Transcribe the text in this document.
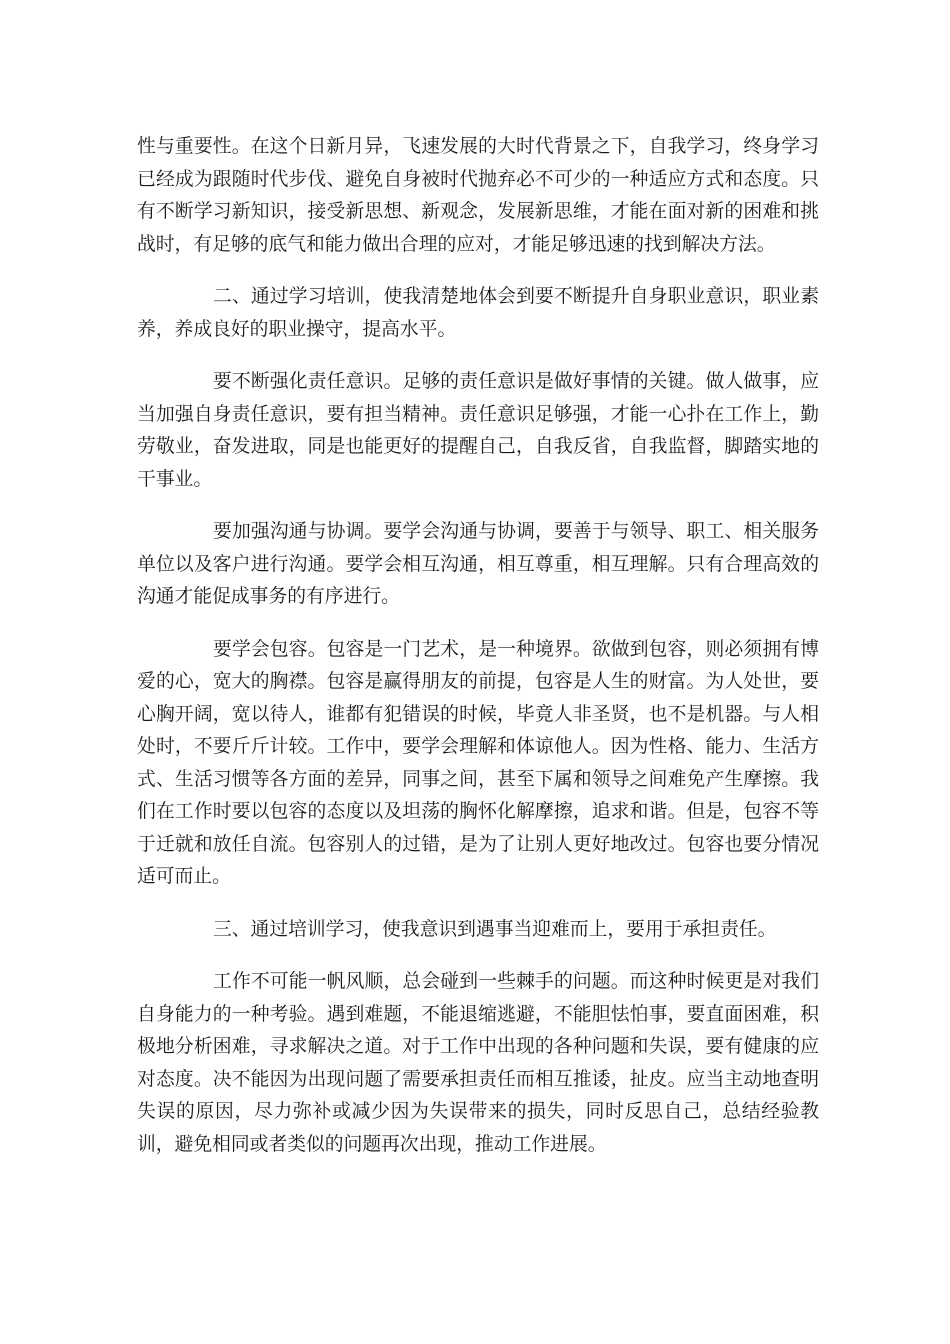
性与重要性。在这个日新月异，飞速发展的大时代背景之下，自我学习，终身学习已经成为跟随时代步伐、避免自身被时代抛弃必不可少的一种适应方式和态度。只有不断学习新知识，接受新思想、新观念，发展新思维，才能在面对新的困难和挑战时，有足够的底气和能力做出合理的应对，才能足够迅速的找到解决方法。

二、通过学习培训，使我清楚地体会到要不断提升自身职业意识，职业素养，养成良好的职业操守，提高水平。

要不断强化责任意识。足够的责任意识是做好事情的关键。做人做事，应当加强自身责任意识，要有担当精神。责任意识足够强，才能一心扑在工作上，勤劳敬业，奋发进取，同是也能更好的提醒自己，自我反省，自我监督，脚踏实地的干事业。

要加强沟通与协调。要学会沟通与协调，要善于与领导、职工、相关服务单位以及客户进行沟通。要学会相互沟通，相互尊重，相互理解。只有合理高效的沟通才能促成事务的有序进行。

要学会包容。包容是一门艺术，是一种境界。欲做到包容，则必须拥有博爱的心，宽大的胸襟。包容是赢得朋友的前提，包容是人生的财富。为人处世，要心胸开阔，宽以待人，谁都有犯错误的时候，毕竟人非圣贤，也不是机器。与人相处时，不要斤斤计较。工作中，要学会理解和体谅他人。因为性格、能力、生活方式、生活习惯等各方面的差异，同事之间，甚至下属和领导之间难免产生摩擦。我们在工作时要以包容的态度以及坦荡的胸怀化解摩擦，追求和谐。但是，包容不等于迁就和放任自流。包容别人的过错，是为了让别人更好地改过。包容也要分情况适可而止。

三、通过培训学习，使我意识到遇事当迎难而上，要用于承担责任。

工作不可能一帆风顺，总会碰到一些棘手的问题。而这种时候更是对我们自身能力的一种考验。遇到难题，不能退缩逃避，不能胆怯怕事，要直面困难，积极地分析困难，寻求解决之道。对于工作中出现的各种问题和失误，要有健康的应对态度。决不能因为出现问题了需要承担责任而相互推诿，扯皮。应当主动地查明失误的原因，尽力弥补或减少因为失误带来的损失，同时反思自己，总结经验教训，避免相同或者类似的问题再次出现，推动工作进展。
